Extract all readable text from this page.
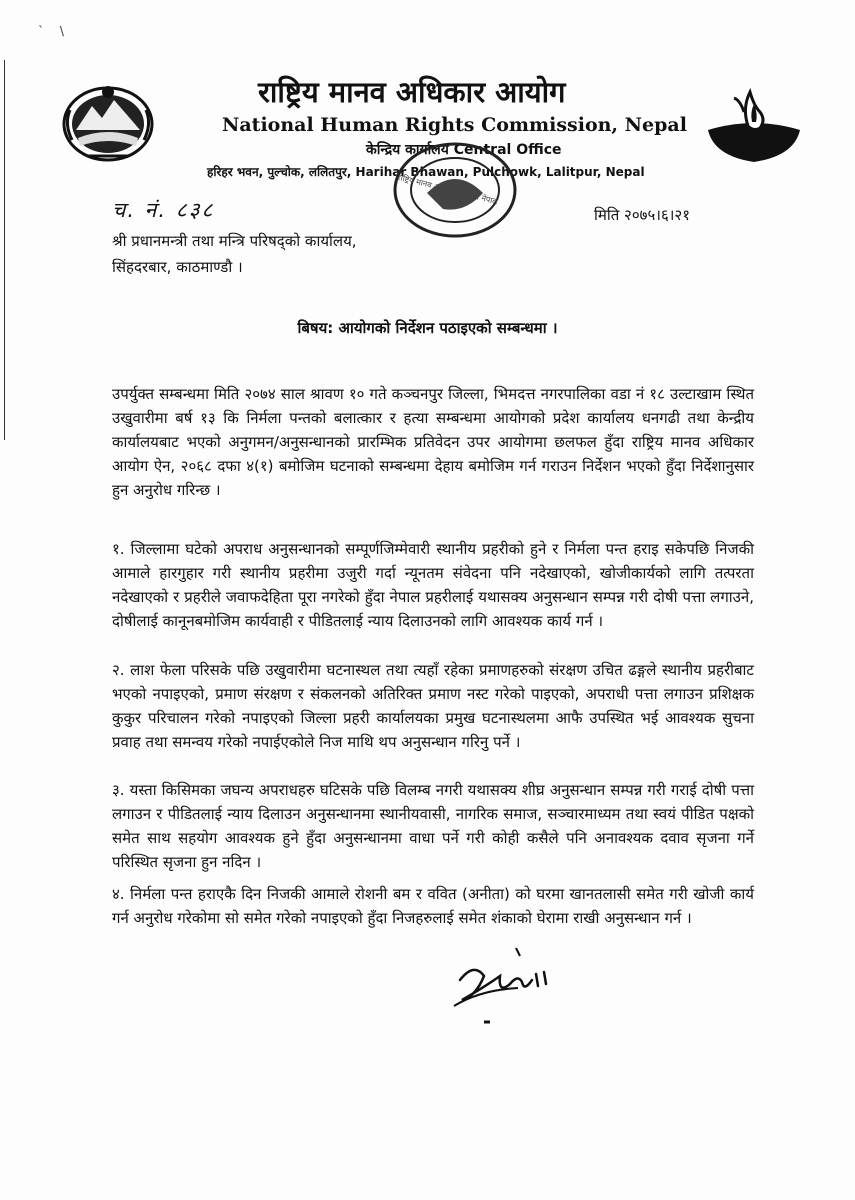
` \
राष्ट्रिय मानव अधिकार आयोग
National Human Rights Commission, Nepal
केन्द्रिय कार्यालय Central Office
हरिहर भवन, पुल्चोक, ललितपुर, Harihar Bhawan, Pulchowk, Lalitpur, Nepal
राष्ट्रिय मानव अधिकार आयोग नेपाल
च. नं. ८३८	मिति २०७५।६।२१
श्री प्रधानमन्त्री तथा मन्त्रि परिषद्को कार्यालय,
सिंहदरबार, काठमाण्डौ ।
बिषय: आयोगको निर्देशन पठाइएको सम्बन्धमा ।
उपर्युक्त सम्बन्धमा मिति २०७४ साल श्रावण १० गते कञ्चनपुर जिल्ला, भिमदत्त नगरपालिका वडा नं १८ उल्टाखाम स्थित उखुवारीमा बर्ष १३ कि निर्मला पन्तको बलात्कार र हत्या सम्बन्धमा आयोगको प्रदेश कार्यालय धनगढी तथा केन्द्रीय कार्यालयबाट भएको अनुगमन/अनुसन्धानको प्रारम्भिक प्रतिवेदन उपर आयोगमा छलफल हुँदा राष्ट्रिय मानव अधिकार आयोग ऐन, २०६८ दफा ४(१) बमोजिम घटनाको सम्बन्धमा देहाय बमोजिम गर्न गराउन निर्देशन भएको हुँदा निर्देशानुसार हुन अनुरोध गरिन्छ ।
१. जिल्लामा घटेको अपराध अनुसन्धानको सम्पूर्णजिम्मेवारी स्थानीय प्रहरीको हुने र निर्मला पन्त हराइ सकेपछि निजकी आमाले हारगुहार गरी स्थानीय प्रहरीमा उजुरी गर्दा न्यूनतम संवेदना पनि नदेखाएको, खोजीकार्यको लागि तत्परता नदेखाएको र प्रहरीले जवाफदेहिता पूरा नगरेको हुँदा नेपाल प्रहरीलाई यथासक्य अनुसन्धान सम्पन्न गरी दोषी पत्ता लगाउने, दोषीलाई कानूनबमोजिम कार्यवाही र पीडितलाई न्याय दिलाउनको लागि आवश्यक कार्य गर्न ।
२. लाश फेला परिसके पछि उखुवारीमा घटनास्थल तथा त्यहाँ रहेका प्रमाणहरुको संरक्षण उचित ढङ्गले स्थानीय प्रहरीबाट भएको नपाइएको, प्रमाण संरक्षण र संकलनको अतिरिक्त प्रमाण नस्ट गरेको पाइएको, अपराधी पत्ता लगाउन प्रशिक्षक कुकुर परिचालन गरेको नपाइएको जिल्ला प्रहरी कार्यालयका प्रमुख घटनास्थलमा आफै उपस्थित भई आवश्यक सुचना प्रवाह तथा समन्वय गरेको नपाईएकोले निज माथि थप अनुसन्धान गरिनु पर्ने ।
३. यस्ता किसिमका जघन्य अपराधहरु घटिसके पछि विलम्ब नगरी यथासक्य शीघ्र अनुसन्धान सम्पन्न गरी गराई दोषी पत्ता लगाउन र पीडितलाई न्याय दिलाउन अनुसन्धानमा स्थानीयवासी, नागरिक समाज, सञ्चारमाध्यम तथा स्वयं पीडित पक्षको समेत साथ सहयोग आवश्यक हुने हुँदा अनुसन्धानमा वाधा पर्ने गरी कोही कसैले पनि अनावश्यक दवाव सृजना गर्ने परिस्थित सृजना हुन नदिन ।
४. निर्मला पन्त हराएकै दिन निजकी आमाले रोशनी बम र ववित (अनीता) को घरमा खानतलासी समेत गरी खोजी कार्य गर्न अनुरोध गरेकोमा सो समेत गरेको नपाइएको हुँदा निजहरुलाई समेत शंकाको घेरामा राखी अनुसन्धान गर्न ।
